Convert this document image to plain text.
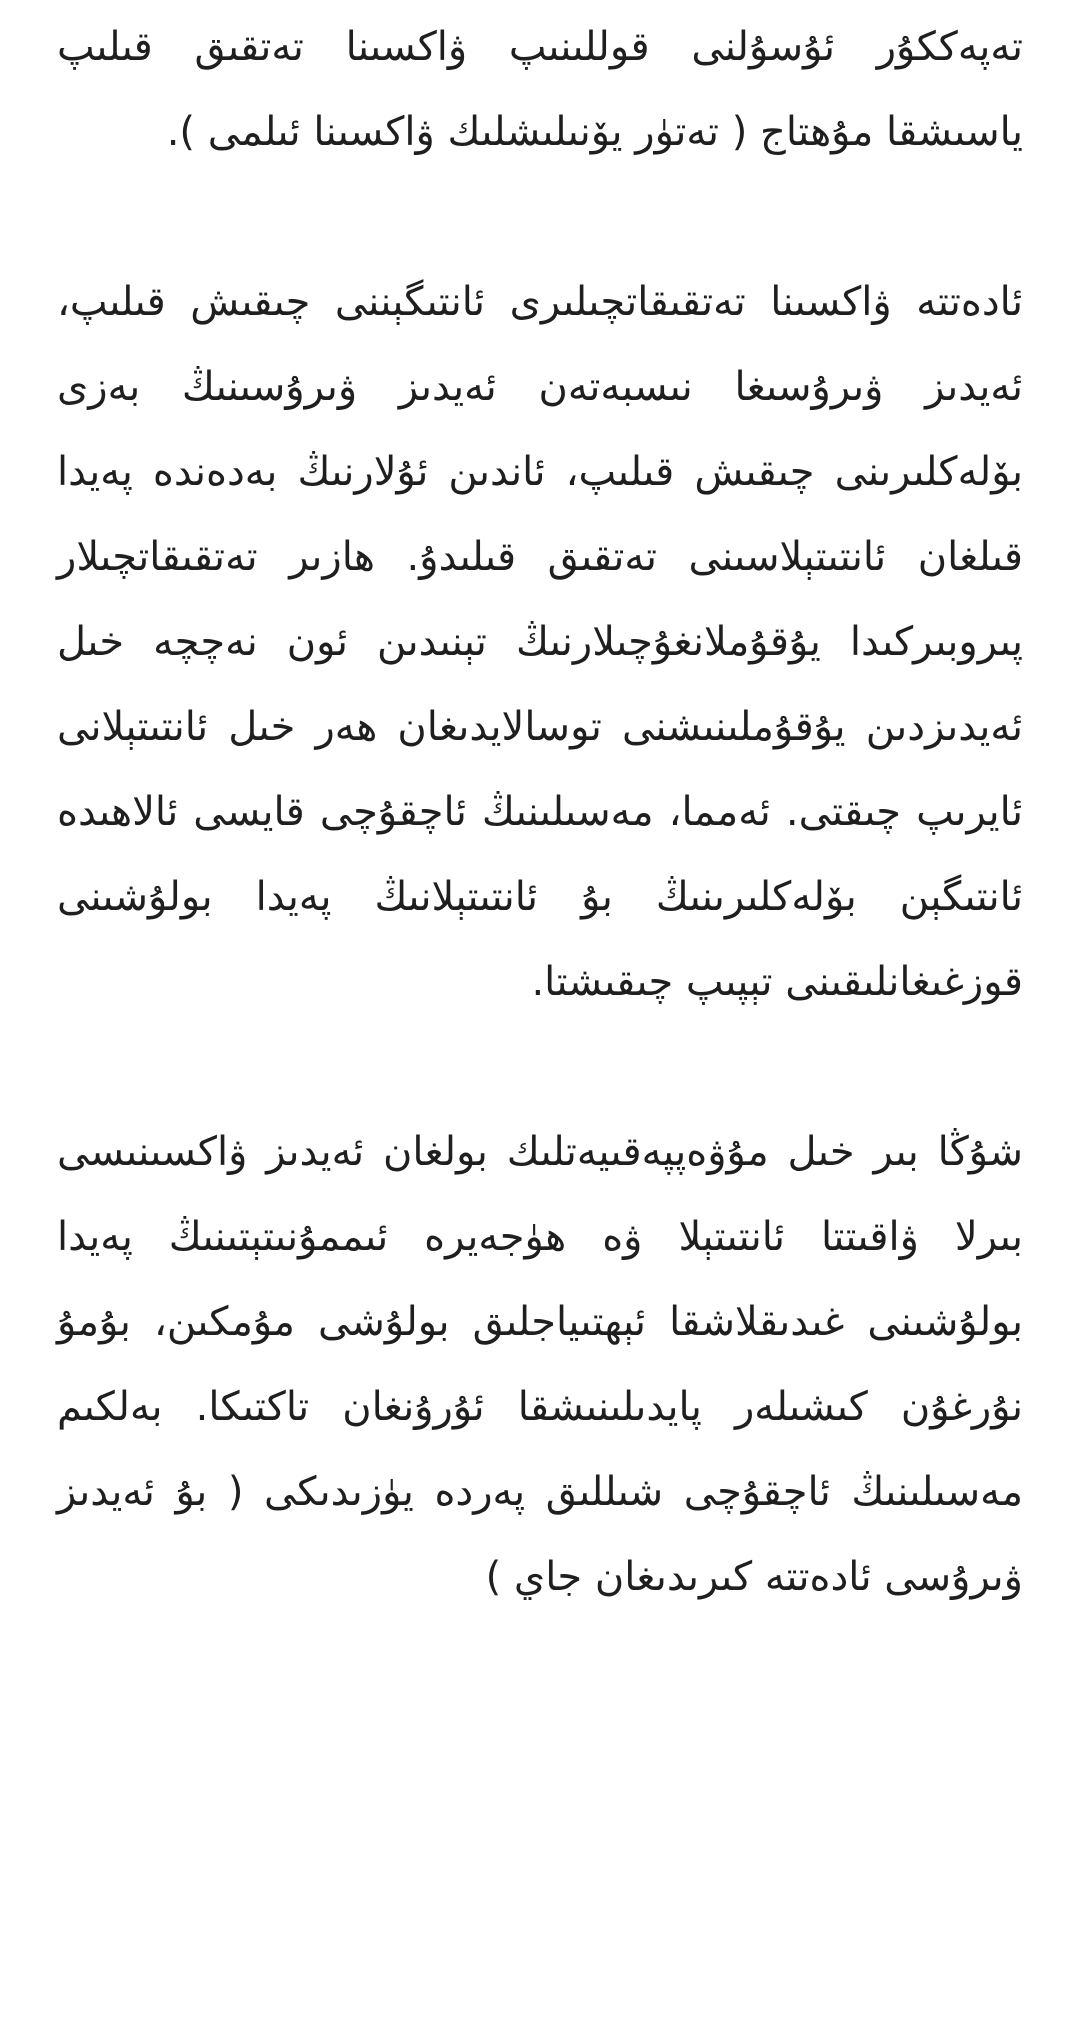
تەپەككۇر ئۇسۇلنى قوللىنىپ ۋاكسىنا تەتقىق قىلىپ ياسىشقا مۇھتاج ( تەتۈر يۆنىلىشلىك ۋاكسىنا ئىلمى ).

ئادەتتە ۋاكسىنا تەتقىقاتچىلىرى ئانتىگېننى چىقىش قىلىپ، ئەيدىز ۋىرۇسىغا نىسبەتەن ئەيدىز ۋىرۇسىنىڭ بەزى بۆلەكلىرىنى چىقىش قىلىپ، ئاندىن ئۇلارنىڭ بەدەندە پەيدا قىلغان ئانتىتېلاسىنى تەتقىق قىلىدۇ. ھازىر تەتقىقاتچىلار پىروبىركىدا يۇقۇملانغۇچىلارنىڭ تېنىدىن ئون نەچچە خىل ئەيدىزدىن يۇقۇملىنىشنى توسالايدىغان ھەر خىل ئانتىتېلانى ئايرىپ چىقتى. ئەمما، مەسىلىنىڭ ئاچقۇچى قايسى ئالاھىدە ئانتىگېن بۆلەكلىرىنىڭ بۇ ئانتىتېلانىڭ پەيدا بولۇشىنى قوزغىغانلىقىنى تېپىپ چىقىشتا.

شۇڭا بىر خىل مۇۋەپپەقىيەتلىك بولغان ئەيدىز ۋاكسىنىسى بىرلا ۋاقىتتا ئانتىتېلا ۋە ھۈجەيرە ئىممۇنىتېتىنىڭ پەيدا بولۇشىنى غىدىقلاشقا ئېھتىياجلىق بولۇشى مۇمكىن، بۇمۇ نۇرغۇن كىشىلەر پايدىلىنىشقا ئۇرۇنغان تاكتىكا. بەلكىم مەسىلىنىڭ ئاچقۇچى شىللىق پەردە يۈزىدىكى ( بۇ ئەيدىز ۋىرۇسى ئادەتتە كىرىدىغان جاي )
